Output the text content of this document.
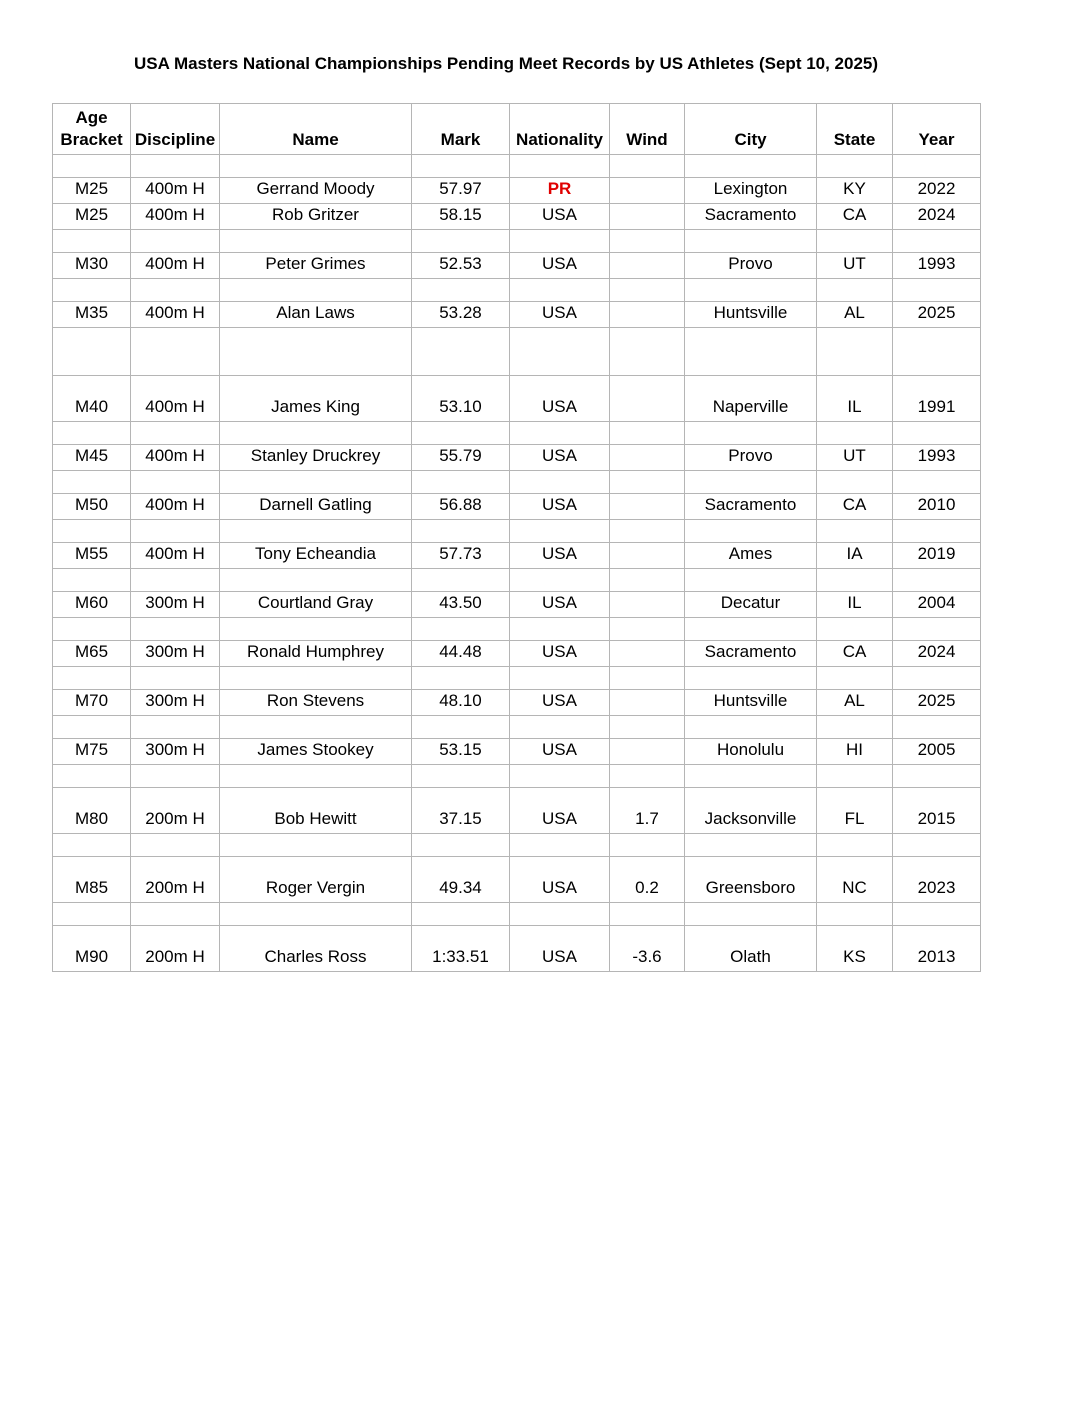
USA Masters National Championships Pending Meet Records by US Athletes (Sept 10, 2025)
Age
Bracket	Discipline	Name	Mark	Nationality	Wind	City	State	Year

M25	400m H	Gerrand Moody	57.97	PR		Lexington	KY	2022
M25	400m H	Rob Gritzer	58.15	USA		Sacramento	CA	2024

M30	400m H	Peter Grimes	52.53	USA		Provo	UT	1993

M35	400m H	Alan Laws	53.28	USA		Huntsville	AL	2025

M40	400m H	James King	53.10	USA		Naperville	IL	1991

M45	400m H	Stanley Druckrey	55.79	USA		Provo	UT	1993

M50	400m H	Darnell Gatling	56.88	USA		Sacramento	CA	2010

M55	400m H	Tony Echeandia	57.73	USA		Ames	IA	2019

M60	300m H	Courtland Gray	43.50	USA		Decatur	IL	2004

M65	300m H	Ronald Humphrey	44.48	USA		Sacramento	CA	2024

M70	300m H	Ron Stevens	48.10	USA		Huntsville	AL	2025

M75	300m H	James Stookey	53.15	USA		Honolulu	HI	2005

M80	200m H	Bob Hewitt	37.15	USA	1.7	Jacksonville	FL	2015

M85	200m H	Roger Vergin	49.34	USA	0.2	Greensboro	NC	2023

M90	200m H	Charles Ross	1:33.51	USA	-3.6	Olath	KS	2013
